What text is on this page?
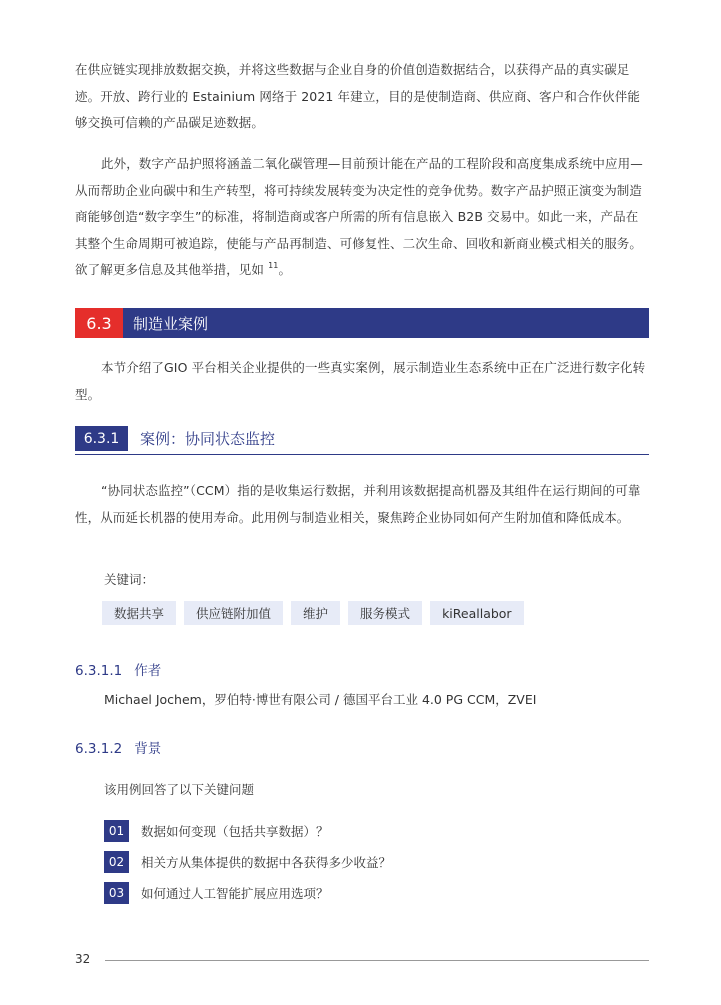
在供应链实现排放数据交换，并将这些数据与企业自身的价值创造数据结合，以获得产品的真实碳足迹。开放、跨行业的 Estainium 网络于 2021 年建立，目的是使制造商、供应商、客户和合作伙伴能够交换可信赖的产品碳足迹数据。

此外，数字产品护照将涵盖二氧化碳管理—目前预计能在产品的工程阶段和高度集成系统中应用—从而帮助企业向碳中和生产转型，将可持续发展转变为决定性的竞争优势。数字产品护照正演变为制造商能够创造“数字孪生”的标准，将制造商或客户所需的所有信息嵌入 B2B 交易中。如此一来，产品在其整个生命周期可被追踪，使能与产品再制造、可修复性、二次生命、回收和新商业模式相关的服务。欲了解更多信息及其他举措，见如 $^{11}$。

6.3	制造业案例

本节介绍了GIO 平台相关企业提供的一些真实案例，展示制造业生态系统中正在广泛进行数字化转型。

6.3.1	案例：协同状态监控

“协同状态监控”（CCM）指的是收集运行数据，并利用该数据提高机器及其组件在运行期间的可靠性，从而延长机器的使用寿命。此用例与制造业相关，聚焦跨企业协同如何产生附加值和降低成本。

关键词：
数据共享	供应链附加值	维护	服务模式	kiReallabor
6.3.1.1 作者
Michael Jochem，罗伯特·博世有限公司 / 德国平台工业 4.0 PG CCM，ZVEI
6.3.1.2 背景
该用例回答了以下关键问题
01	数据如何变现（包括共享数据）？
02	相关方从集体提供的数据中各获得多少收益？
03	如何通过人工智能扩展应用选项？
32
